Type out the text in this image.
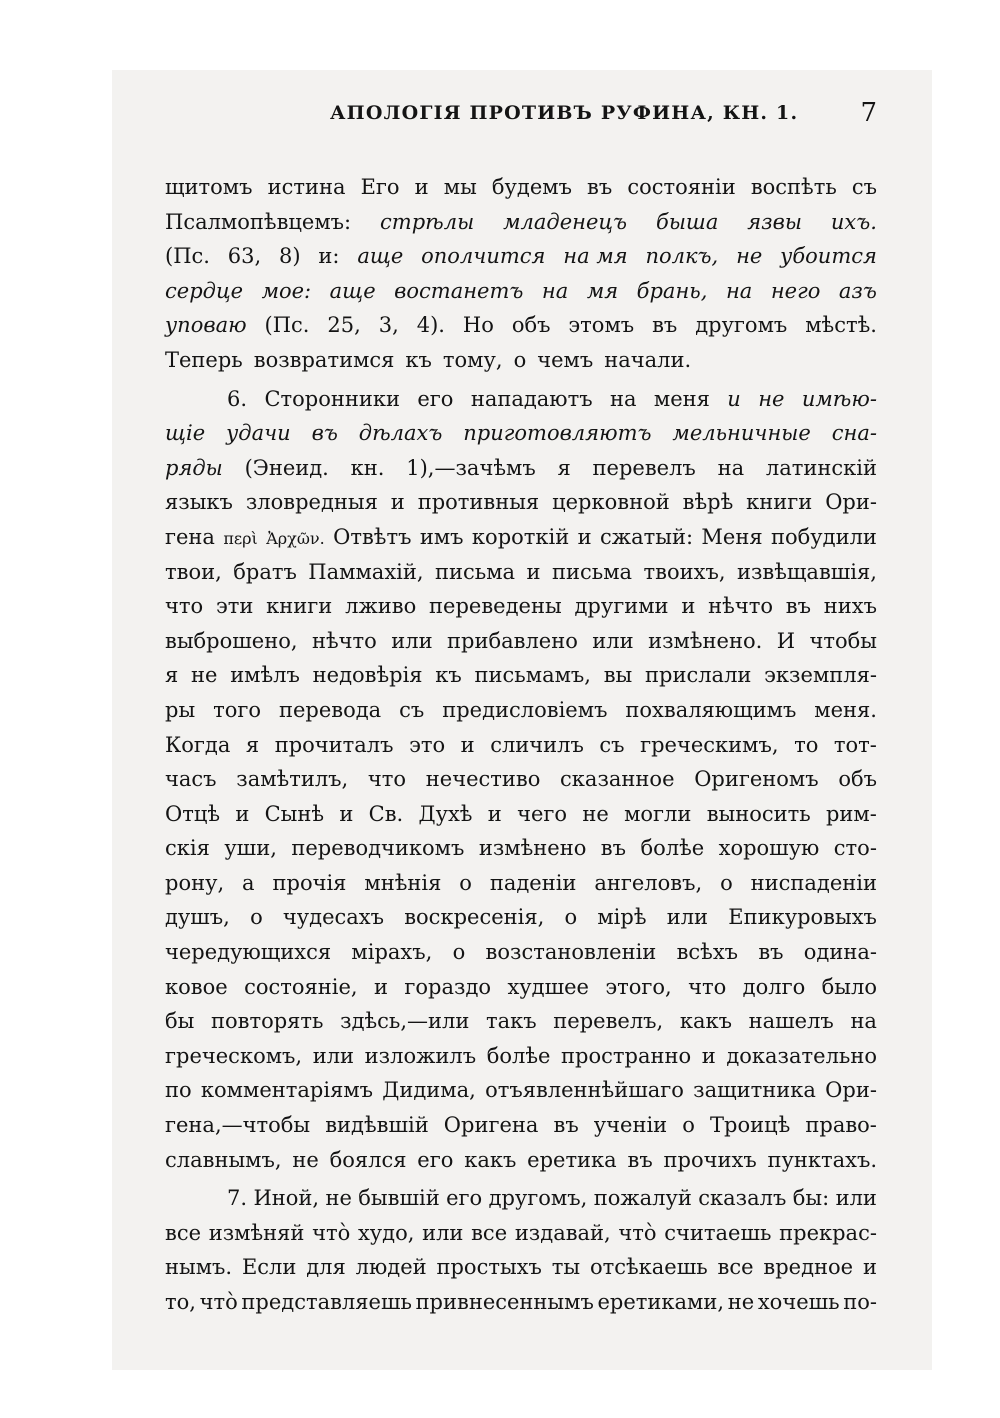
АПОЛОГІЯ ПРОТИВЪ РУФИНА, КН. 1. 7
щитомъ истина Его и мы будемъ въ состояніи воспѣть съ
Псалмопѣвцемъ: стрѣлы младенецъ быша язвы ихъ.
(Пс. 63, 8) и: аще ополчится на мя полкъ, не убоится
сердце мое: аще востанетъ на мя брань, на него азъ
уповаю (Пс. 25, 3, 4). Но объ этомъ въ другомъ мѣстѣ.
Теперь возвратимся къ тому, о чемъ начали.
6. Сторонники его нападаютъ на меня и не имѣю-
щіе удачи въ дѣлахъ приготовляютъ мельничные сна-
ряды (Энеид. кн. 1),—зачѣмъ я перевелъ на латинскій
языкъ зловредныя и противныя церковной вѣрѣ книги Ори-
гена περὶ Ἀρχῶν. Отвѣтъ имъ короткій и сжатый: Меня побудили
твои, братъ Паммахій, письма и письма твоихъ, извѣщавшія,
что эти книги лживо переведены другими и нѣчто въ нихъ
выброшено, нѣчто или прибавлено или измѣнено. И чтобы
я не имѣлъ недовѣрія къ письмамъ, вы прислали экземпля-
ры того перевода съ предисловіемъ похваляющимъ меня.
Когда я прочиталъ это и сличилъ съ греческимъ, то тот-
часъ замѣтилъ, что нечестиво сказанное Оригеномъ объ
Отцѣ и Сынѣ и Св. Духѣ и чего не могли выносить рим-
скія уши, переводчикомъ измѣнено въ болѣе хорошую сто-
рону, а прочія мнѣнія о паденіи ангеловъ, о ниспаденіи
душъ, о чудесахъ воскресенія, о мірѣ или Епикуровыхъ
чередующихся мірахъ, о возстановленіи всѣхъ въ одина-
ковое состояніе, и гораздо худшее этого, что долго было
бы повторять здѣсь,—или такъ перевелъ, какъ нашелъ на
греческомъ, или изложилъ болѣе пространно и доказательно
по комментаріямъ Дидима, отъявленнѣйшаго защитника Ори-
гена,—чтобы видѣвшій Оригена въ ученіи о Троицѣ право-
славнымъ, не боялся его какъ еретика въ прочихъ пунктахъ.
7. Иной, не бывшій его другомъ, пожалуй сказалъ бы: или
все измѣняй что̀ худо, или все издавай, что̀ считаешь прекрас-
нымъ. Если для людей простыхъ ты отсѣкаешь все вредное и
то, что̀ представляешь привнесеннымъ еретиками, не хочешь по-
